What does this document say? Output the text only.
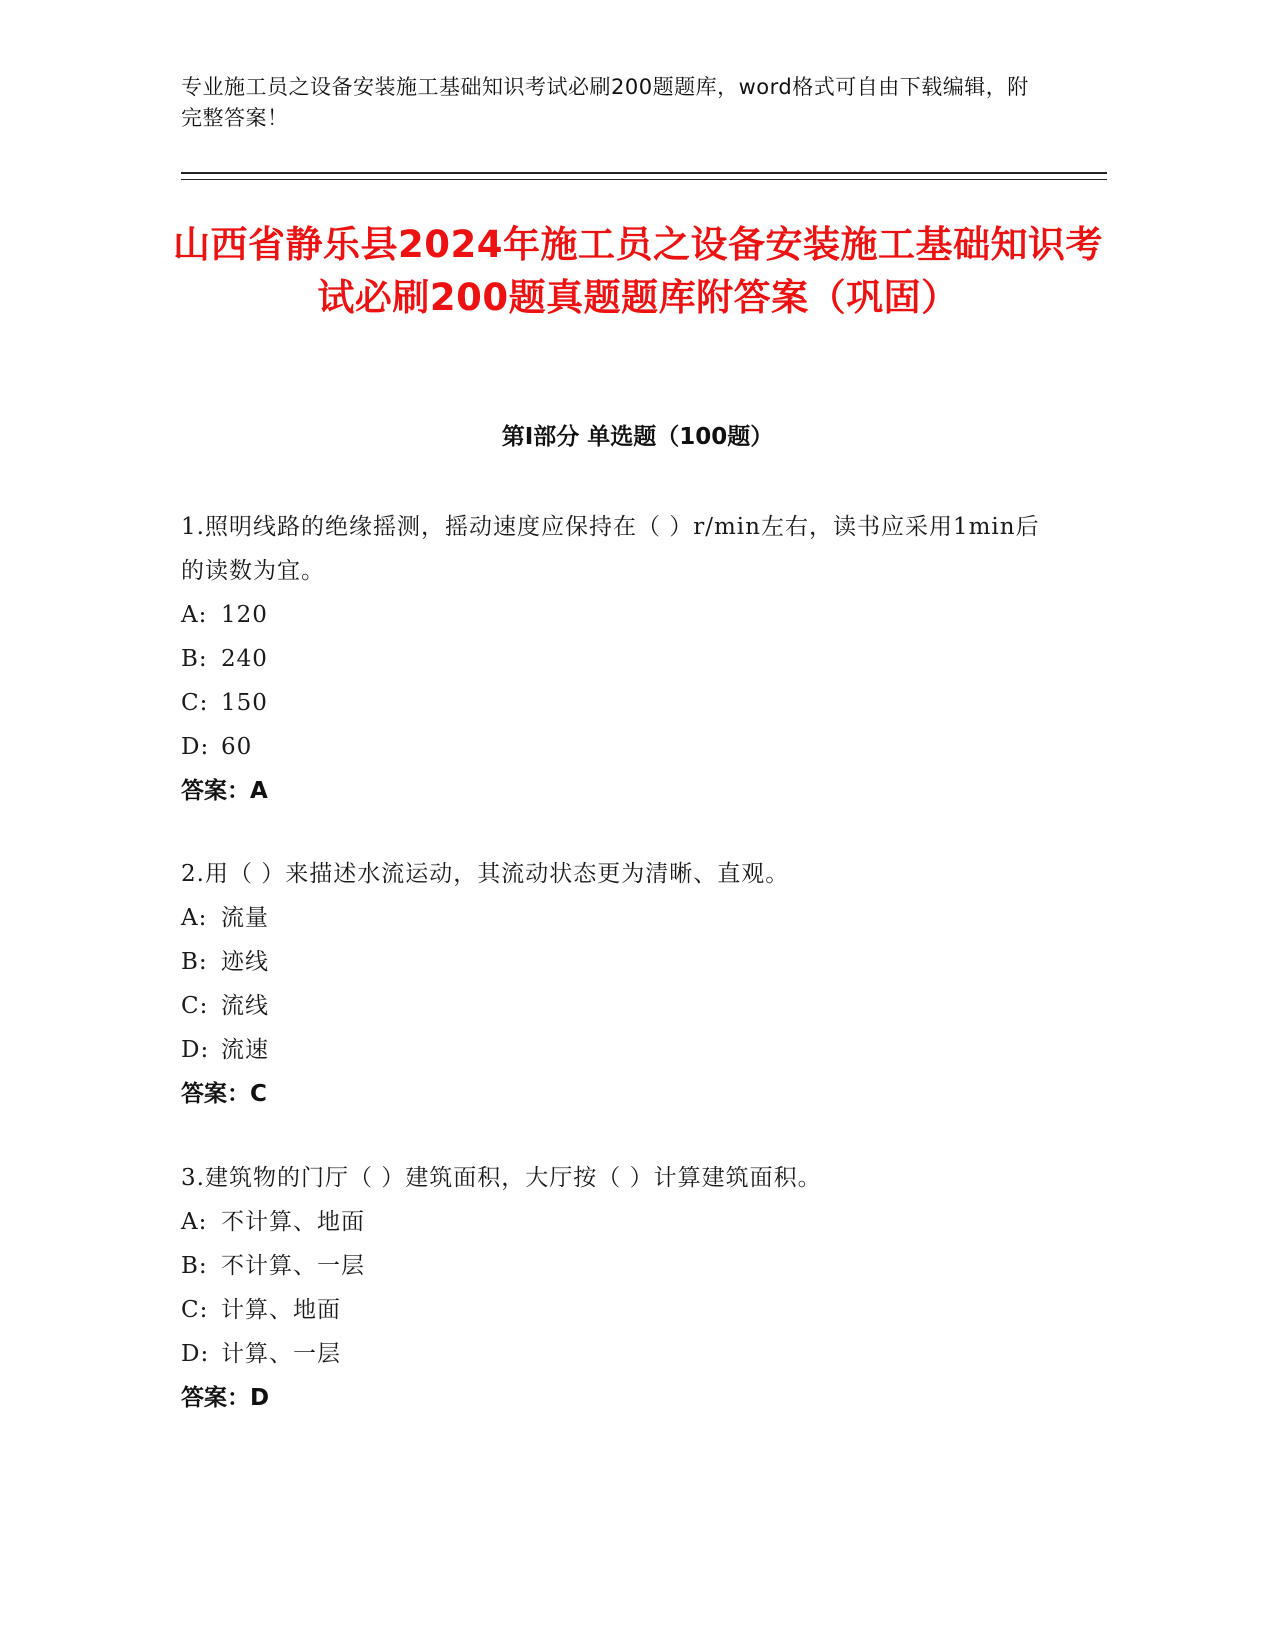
专业施工员之设备安装施工基础知识考试必刷200题题库，word格式可自由下载编辑，附完整答案！
山西省静乐县2024年施工员之设备安装施工基础知识考试必刷200题真题题库附答案（巩固）
第I部分 单选题（100题）
1.照明线路的绝缘摇测，摇动速度应保持在（ ）r/min左右，读书应采用1min后的读数为宜。
A: 120
B: 240
C: 150
D: 60
答案：A
2.用（ ）来描述水流运动，其流动状态更为清晰、直观。
A: 流量
B: 迹线
C: 流线
D: 流速
答案：C
3.建筑物的门厅（ ）建筑面积，大厅按（ ）计算建筑面积。
A: 不计算、地面
B: 不计算、一层
C: 计算、地面
D: 计算、一层
答案：D
